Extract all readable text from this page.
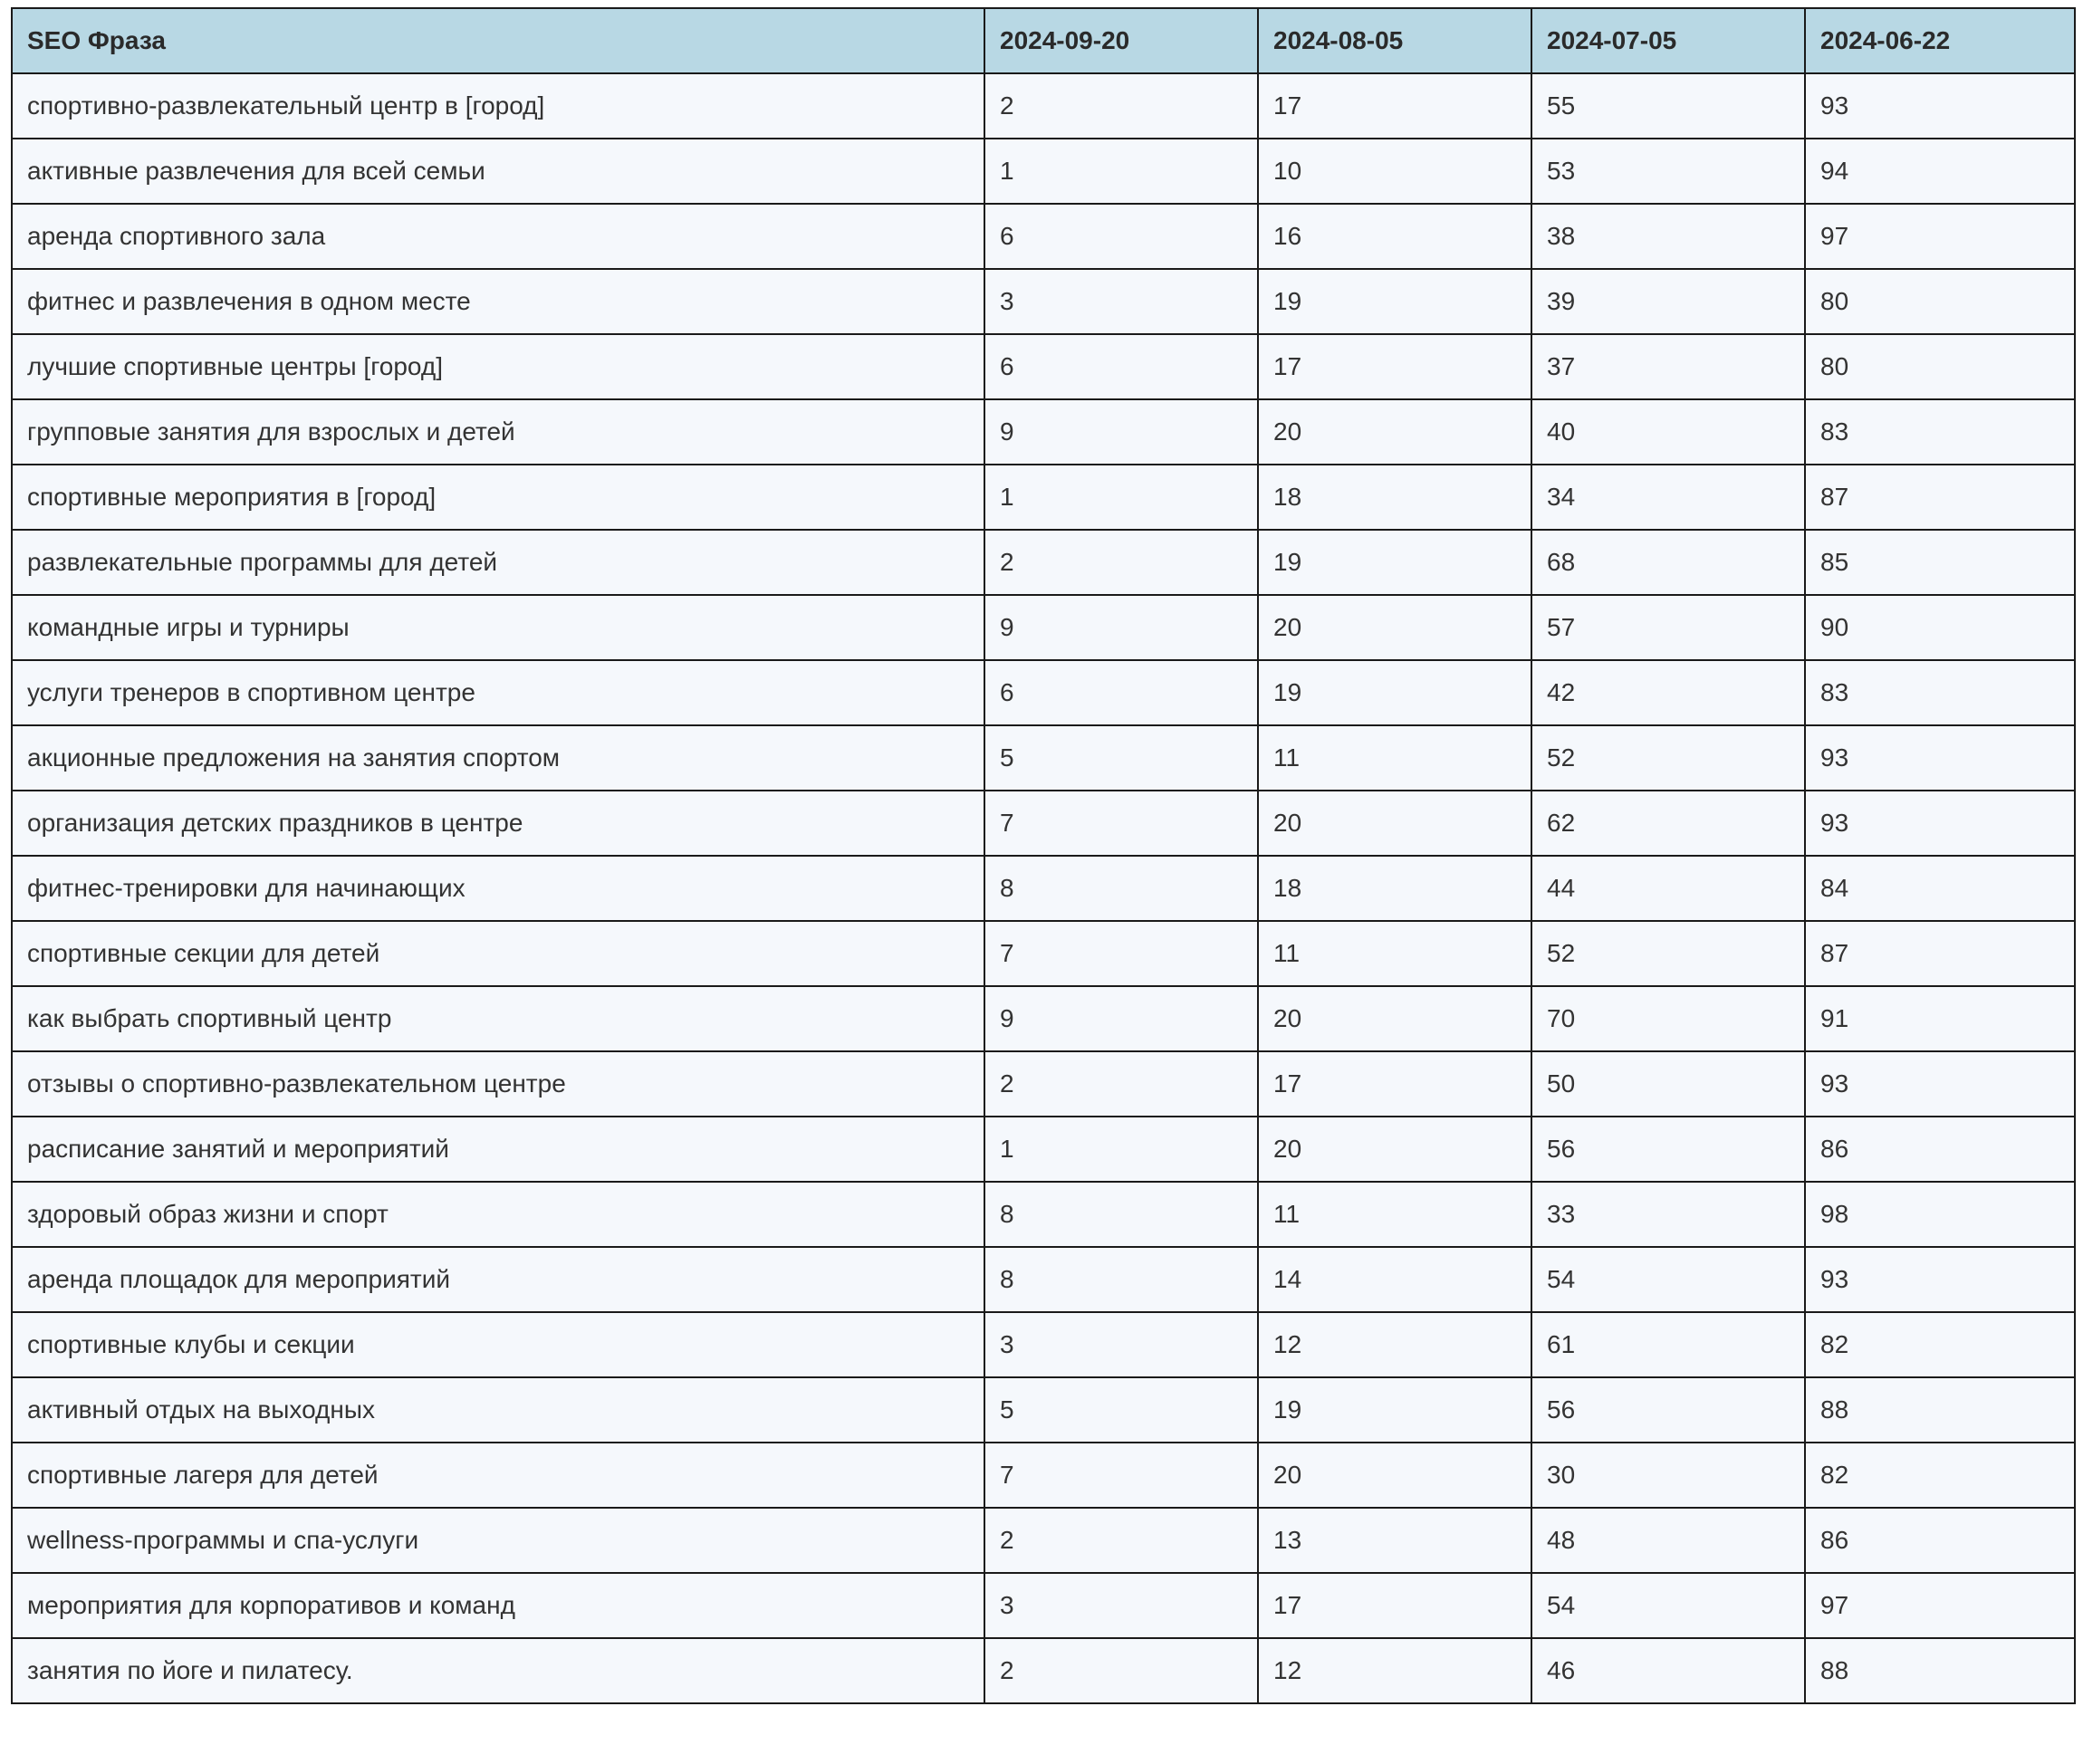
SEO Фраза	2024-09-20	2024-08-05	2024-07-05	2024-06-22
спортивно-развлекательный центр в [город]	2	17	55	93
активные развлечения для всей семьи	1	10	53	94
аренда спортивного зала	6	16	38	97
фитнес и развлечения в одном месте	3	19	39	80
лучшие спортивные центры [город]	6	17	37	80
групповые занятия для взрослых и детей	9	20	40	83
спортивные мероприятия в [город]	1	18	34	87
развлекательные программы для детей	2	19	68	85
командные игры и турниры	9	20	57	90
услуги тренеров в спортивном центре	6	19	42	83
акционные предложения на занятия спортом	5	11	52	93
организация детских праздников в центре	7	20	62	93
фитнес-тренировки для начинающих	8	18	44	84
спортивные секции для детей	7	11	52	87
как выбрать спортивный центр	9	20	70	91
отзывы о спортивно-развлекательном центре	2	17	50	93
расписание занятий и мероприятий	1	20	56	86
здоровый образ жизни и спорт	8	11	33	98
аренда площадок для мероприятий	8	14	54	93
спортивные клубы и секции	3	12	61	82
активный отдых на выходных	5	19	56	88
спортивные лагеря для детей	7	20	30	82
wellness-программы и спа-услуги	2	13	48	86
мероприятия для корпоративов и команд	3	17	54	97
занятия по йоге и пилатесу.	2	12	46	88
